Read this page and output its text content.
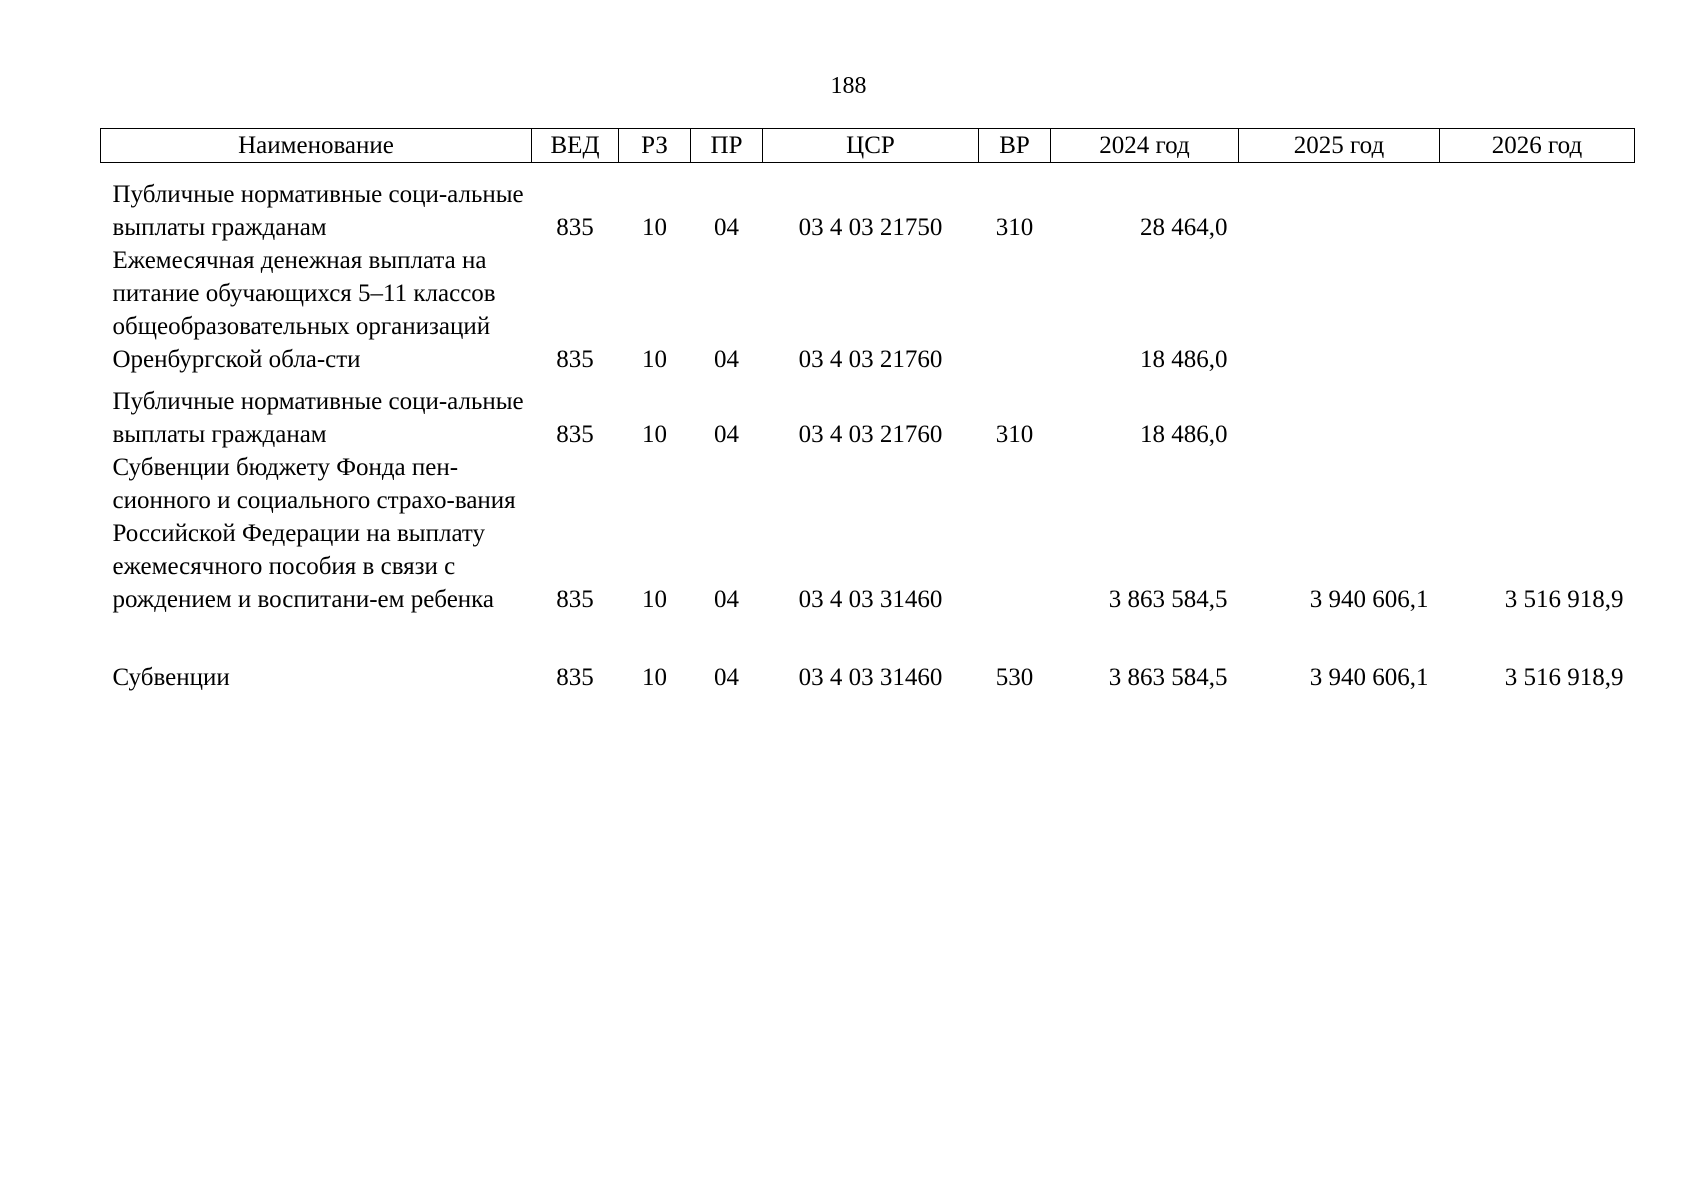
188
Наименование	ВЕД	РЗ	ПР	ЦСР	ВР	2024 год	2025 год	2026 год
Публичные нормативные соци-альные выплаты гражданам	835	10	04	03 4 03 21750	310	28 464,0		
Ежемесячная денежная выплата на питание обучающихся 5–11 классов общеобразовательных организаций Оренбургской обла-сти	835	10	04	03 4 03 21760		18 486,0		
Публичные нормативные соци-альные выплаты гражданам	835	10	04	03 4 03 21760	310	18 486,0		
Субвенции бюджету Фонда пен-сионного и социального страхо-вания Российской Федерации на выплату ежемесячного пособия в связи с рождением и воспитани-ем ребенка	835	10	04	03 4 03 31460		3 863 584,5	3 940 606,1	3 516 918,9
Субвенции	835	10	04	03 4 03 31460	530	3 863 584,5	3 940 606,1	3 516 918,9
